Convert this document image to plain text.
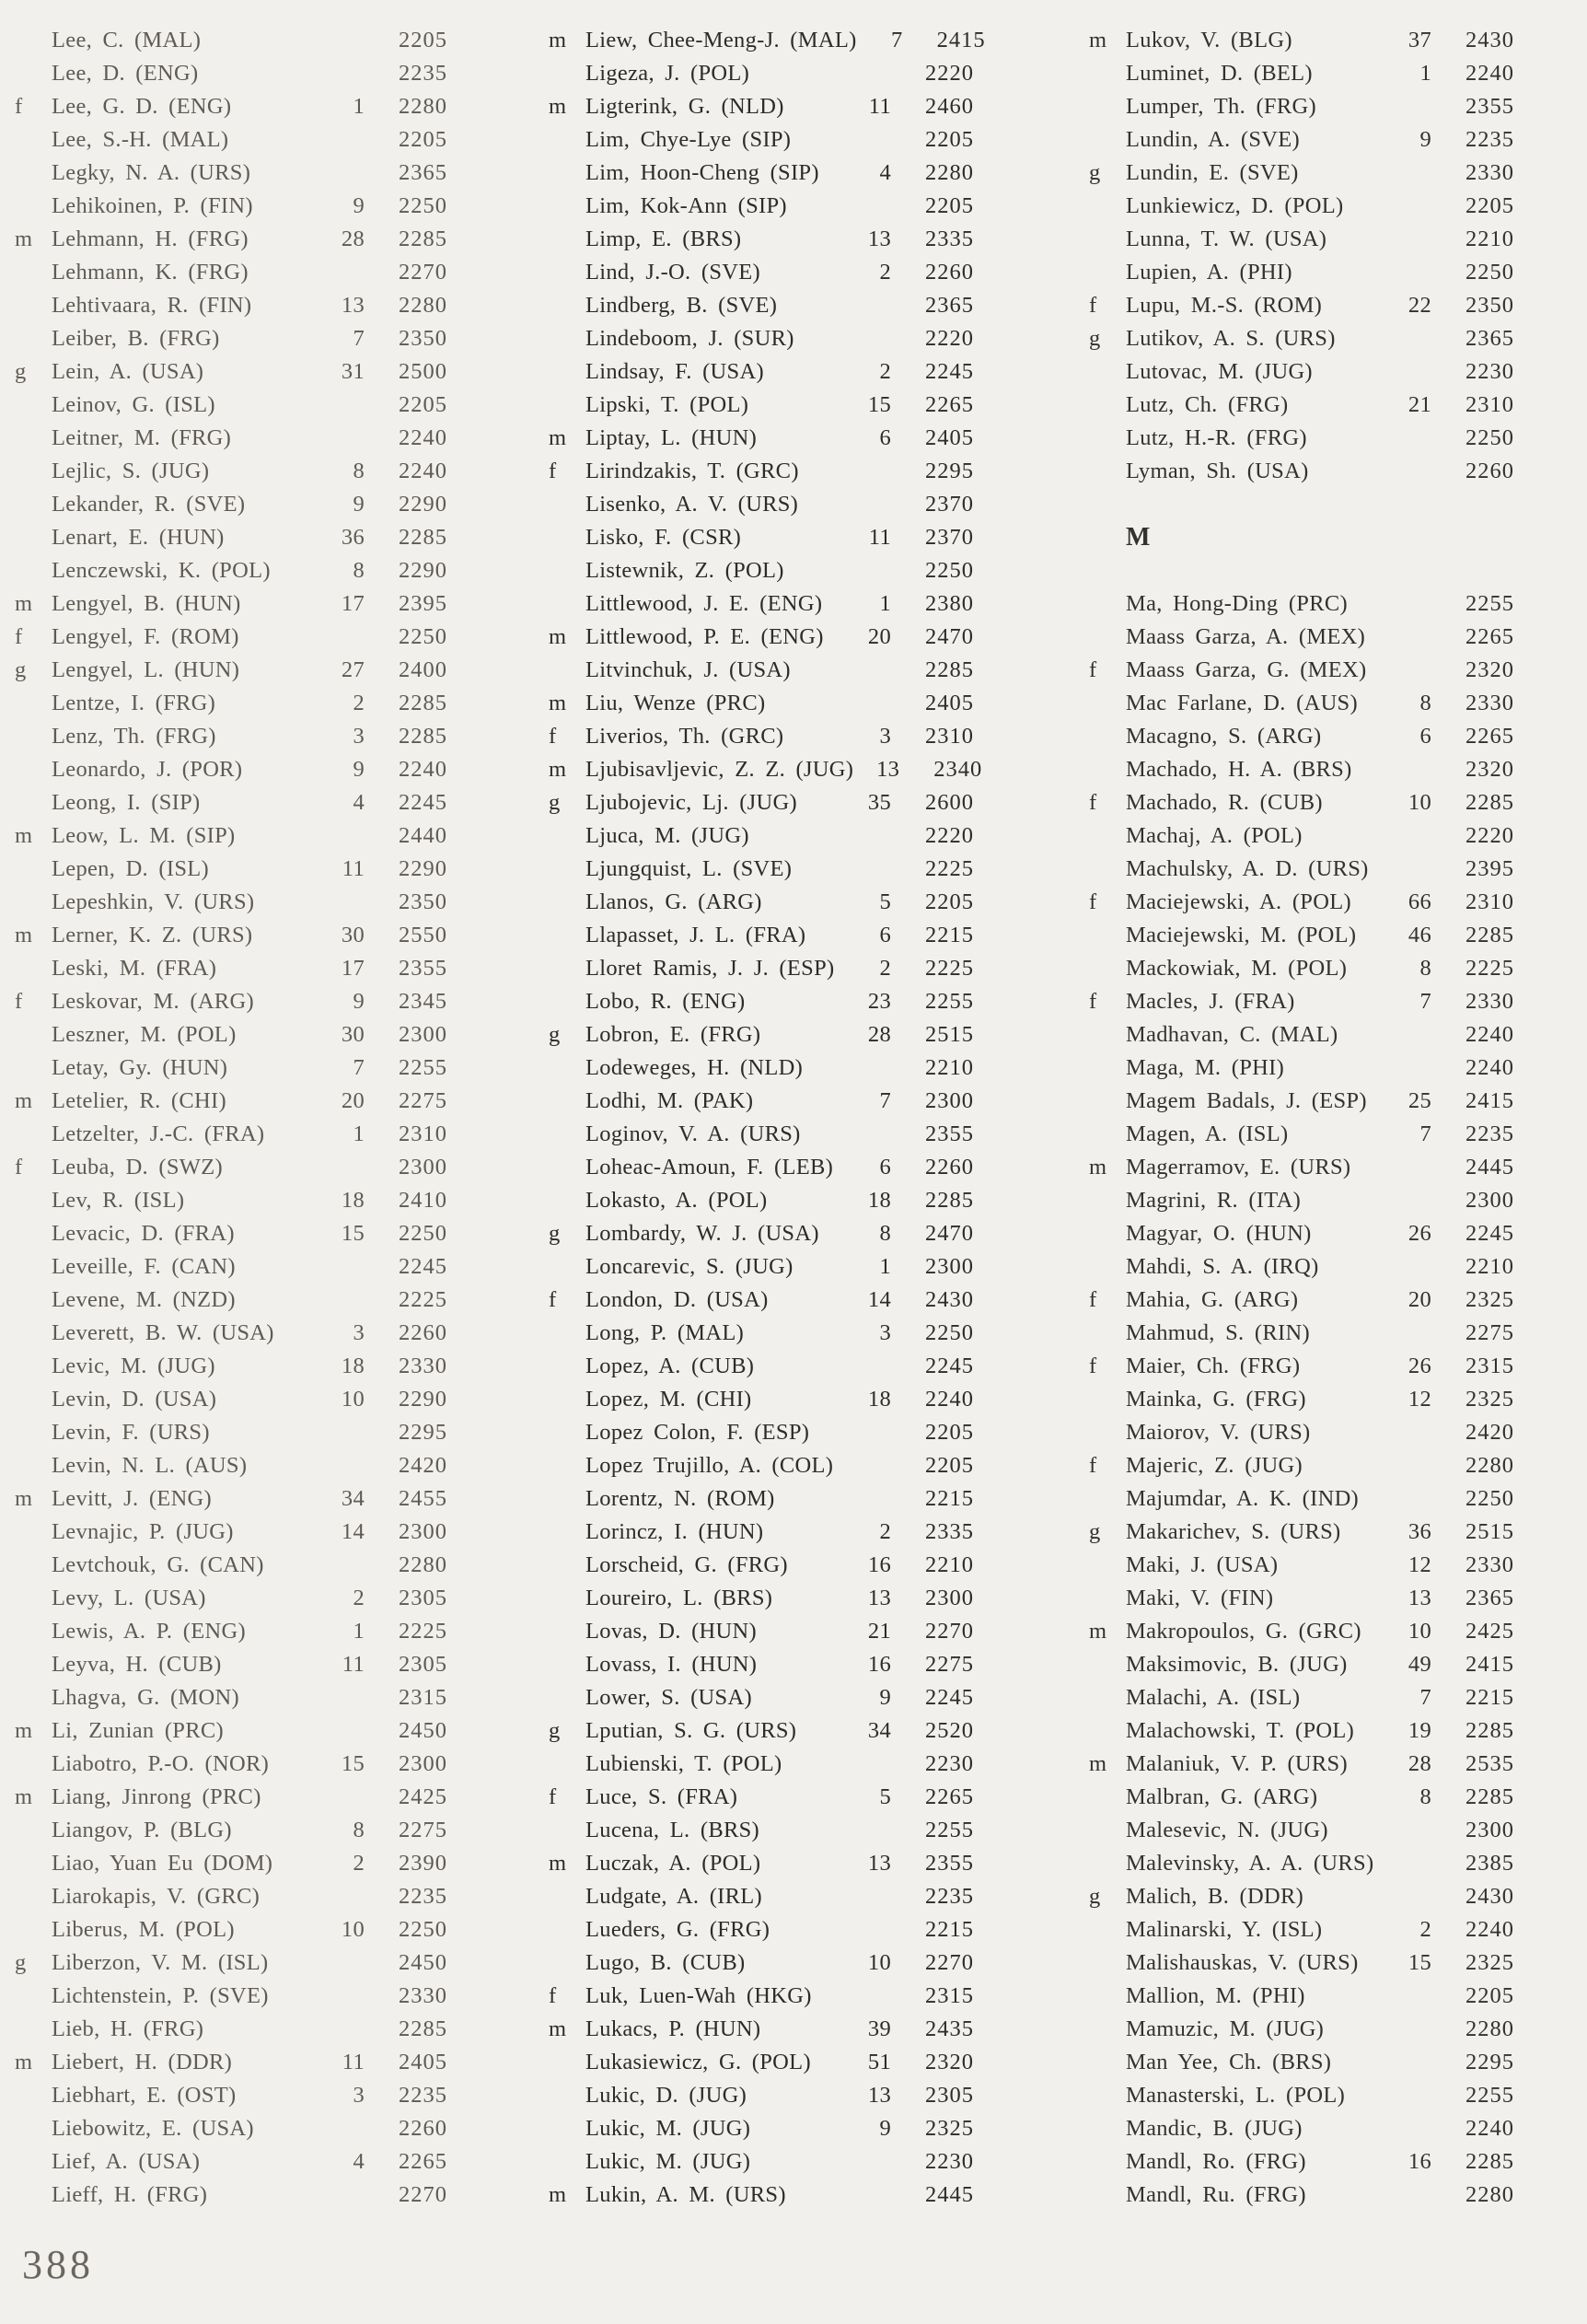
Lee, C. (MAL)	2205
Lee, D. (ENG)	2235
f	Lee, G. D. (ENG)	1	2280
Lee, S.-H. (MAL)	2205
Legky, N. A. (URS)	2365
Lehikoinen, P. (FIN)	9	2250
m Lehmann, H. (FRG)	28	2285
Lehmann, K. (FRG)	2270
Lehtivaara, R. (FIN)	13	2280
Leiber, B. (FRG)	7	2350
g	Lein, A. (USA)	31	2500
Leinov, G. (ISL)	2205
Leitner, M. (FRG)	2240
Lejlic, S. (JUG)	8	2240
Lekander, R. (SVE)	9	2290
Lenart, E. (HUN)	36	2285
Lenczewski, K. (POL)	8	2290
m Lengyel, B. (HUN)	17	2395
f	Lengyel, F. (ROM)	2250
g	Lengyel, L. (HUN)	27	2400
Lentze, I. (FRG)	2	2285
Lenz, Th. (FRG)	3	2285
Leonardo, J. (POR)	9	2240
Leong, I. (SIP)	4	2245
m Leow, L. M. (SIP)	2440
Lepen, D. (ISL)	11	2290
Lepeshkin, V. (URS)	2350
m Lerner, K. Z. (URS)	30	2550
Leski, M. (FRA)	17	2355
f	Leskovar, M. (ARG)	9	2345
Leszner, M. (POL)	30	2300
Letay, Gy. (HUN)	7	2255
m Letelier, R. (CHI)	20	2275
Letzelter, J.-C. (FRA)	1	2310
f	Leuba, D. (SWZ)	2300
Lev, R. (ISL)	18	2410
Levacic, D. (FRA)	15	2250
Leveille, F. (CAN)	2245
Levene, M. (NZD)	2225
Leverett, B. W. (USA)	3	2260
Levic, M. (JUG)	18	2330
Levin, D. (USA)	10	2290
Levin, F. (URS)	2295
Levin, N. L. (AUS)	2420
m Levitt, J. (ENG)	34	2455
Levnajic, P. (JUG)	14	2300
Levtchouk, G. (CAN)	2280
Levy, L. (USA)	2	2305
Lewis, A. P. (ENG)	1	2225
Leyva, H. (CUB)	11	2305
Lhagva, G. (MON)	2315
m Li, Zunian (PRC)	2450
Liabotro, P.-O. (NOR)	15	2300
m Liang, Jinrong (PRC)	2425
Liangov, P. (BLG)	8	2275
Liao, Yuan Eu (DOM)	2	2390
Liarokapis, V. (GRC)	2235
Liberus, M. (POL)	10	2250
g	Liberzon, V. M. (ISL)	2450
Lichtenstein, P. (SVE)	2330
Lieb, H. (FRG)	2285
m Liebert, H. (DDR)	11	2405
Liebhart, E. (OST)	3	2235
Liebowitz, E. (USA)	2260
Lief, A. (USA)	4	2265
Lieff, H. (FRG)	2270
m Liew, Chee-Meng-J. (MAL)	7	2415
Ligeza, J. (POL)	2220
m Ligterink, G. (NLD)	11	2460
Lim, Chye-Lye (SIP)	2205
Lim, Hoon-Cheng (SIP)	4	2280
Lim, Kok-Ann (SIP)	2205
Limp, E. (BRS)	13	2335
Lind, J.-O. (SVE)	2	2260
Lindberg, B. (SVE)	2365
Lindeboom, J. (SUR)	2220
Lindsay, F. (USA)	2	2245
Lipski, T. (POL)	15	2265
m Liptay, L. (HUN)	6	2405
f	Lirindzakis, T. (GRC)	2295
Lisenko, A. V. (URS)	2370
Lisko, F. (CSR)	11	2370
Listewnik, Z. (POL)	2250
Littlewood, J. E. (ENG)	1	2380
m Littlewood, P. E. (ENG)	20	2470
Litvinchuk, J. (USA)	2285
m Liu, Wenze (PRC)	2405
f	Liverios, Th. (GRC)	3	2310
m Ljubisavljevic, Z. Z. (JUG)	13	2340
g	Ljubojevic, Lj. (JUG)	35	2600
Ljuca, M. (JUG)	2220
Ljungquist, L. (SVE)	2225
Llanos, G. (ARG)	5	2205
Llapasset, J. L. (FRA)	6	2215
Lloret Ramis, J. J. (ESP)	2	2225
Lobo, R. (ENG)	23	2255
g	Lobron, E. (FRG)	28	2515
Lodeweges, H. (NLD)	2210
Lodhi, M. (PAK)	7	2300
Loginov, V. A. (URS)	2355
Loheac-Amoun, F. (LEB)	6	2260
Lokasto, A. (POL)	18	2285
g	Lombardy, W. J. (USA)	8	2470
Loncarevic, S. (JUG)	1	2300
f	London, D. (USA)	14	2430
Long, P. (MAL)	3	2250
Lopez, A. (CUB)	2245
Lopez, M. (CHI)	18	2240
Lopez Colon, F. (ESP)	2205
Lopez Trujillo, A. (COL)	2205
Lorentz, N. (ROM)	2215
Lorincz, I. (HUN)	2	2335
Lorscheid, G. (FRG)	16	2210
Loureiro, L. (BRS)	13	2300
Lovas, D. (HUN)	21	2270
Lovass, I. (HUN)	16	2275
Lower, S. (USA)	9	2245
g	Lputian, S. G. (URS)	34	2520
Lubienski, T. (POL)	2230
f	Luce, S. (FRA)	5	2265
Lucena, L. (BRS)	2255
m Luczak, A. (POL)	13	2355
Ludgate, A. (IRL)	2235
Lueders, G. (FRG)	2215
Lugo, B. (CUB)	10	2270
f	Luk, Luen-Wah (HKG)	2315
m Lukacs, P. (HUN)	39	2435
Lukasiewicz, G. (POL)	51	2320
Lukic, D. (JUG)	13	2305
Lukic, M. (JUG)	9	2325
Lukic, M. (JUG)	2230
m Lukin, A. M. (URS)	2445
m Lukov, V. (BLG)	37	2430
Luminet, D. (BEL)	1	2240
Lumper, Th. (FRG)	2355
Lundin, A. (SVE)	9	2235
g	Lundin, E. (SVE)	2330
Lunkiewicz, D. (POL)	2205
Lunna, T. W. (USA)	2210
Lupien, A. (PHI)	2250
f	Lupu, M.-S. (ROM)	22	2350
g	Lutikov, A. S. (URS)	2365
Lutovac, M. (JUG)	2230
Lutz, Ch. (FRG)	21	2310
Lutz, H.-R. (FRG)	2250
Lyman, Sh. (USA)	2260
M
Ma, Hong-Ding (PRC)	2255
Maass Garza, A. (MEX)	2265
f	Maass Garza, G. (MEX)	2320
Mac Farlane, D. (AUS)	8	2330
Macagno, S. (ARG)	6	2265
Machado, H. A. (BRS)	2320
f	Machado, R. (CUB)	10	2285
Machaj, A. (POL)	2220
Machulsky, A. D. (URS)	2395
f	Maciejewski, A. (POL)	66	2310
Maciejewski, M. (POL)	46	2285
Mackowiak, M. (POL)	8	2225
f	Macles, J. (FRA)	7	2330
Madhavan, C. (MAL)	2240
Maga, M. (PHI)	2240
Magem Badals, J. (ESP)	25	2415
Magen, A. (ISL)	7	2235
m Magerramov, E. (URS)	2445
Magrini, R. (ITA)	2300
Magyar, O. (HUN)	26	2245
Mahdi, S. A. (IRQ)	2210
f	Mahia, G. (ARG)	20	2325
Mahmud, S. (RIN)	2275
f	Maier, Ch. (FRG)	26	2315
Mainka, G. (FRG)	12	2325
Maiorov, V. (URS)	2420
f	Majeric, Z. (JUG)	2280
Majumdar, A. K. (IND)	2250
g	Makarichev, S. (URS)	36	2515
Maki, J. (USA)	12	2330
Maki, V. (FIN)	13	2365
m Makropoulos, G. (GRC)	10	2425
Maksimovic, B. (JUG)	49	2415
Malachi, A. (ISL)	7	2215
Malachowski, T. (POL)	19	2285
m Malaniuk, V. P. (URS)	28	2535
Malbran, G. (ARG)	8	2285
Malesevic, N. (JUG)	2300
Malevinsky, A. A. (URS)	2385
g	Malich, B. (DDR)	2430
Malinarski, Y. (ISL)	2	2240
Malishauskas, V. (URS)	15	2325
Mallion, M. (PHI)	2205
Mamuzic, M. (JUG)	2280
Man Yee, Ch. (BRS)	2295
Manasterski, L. (POL)	2255
Mandic, B. (JUG)	2240
Mandl, Ro. (FRG)	16	2285
Mandl, Ru. (FRG)	2280
388
